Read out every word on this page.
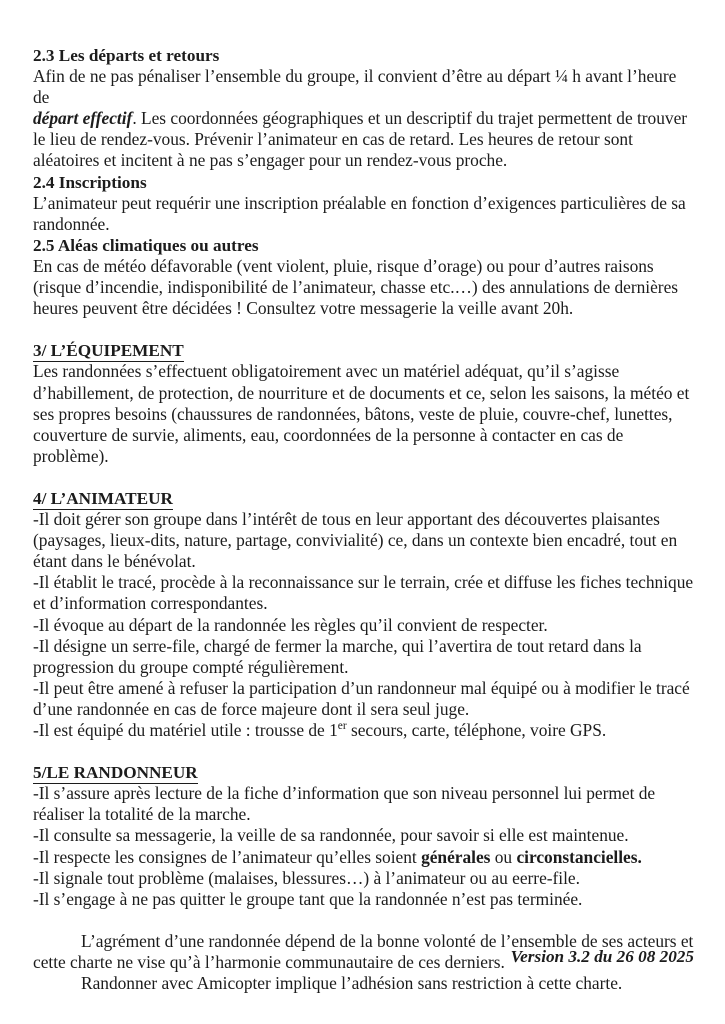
2.3 Les départs et retours
Afin de ne pas pénaliser l’ensemble du groupe, il convient d’être au départ ¼ h avant l’heure de
départ effectif. Les coordonnées géographiques et un descriptif du trajet permettent de trouver
le lieu de rendez-vous. Prévenir l’animateur en cas de retard. Les heures de retour sont
aléatoires et incitent à ne pas s’engager pour un rendez-vous proche.
2.4 Inscriptions
L’animateur peut requérir une inscription préalable en fonction d’exigences particulières de sa
randonnée.
2.5 Aléas climatiques ou autres
En cas de météo défavorable (vent violent, pluie, risque d’orage) ou pour d’autres raisons
(risque d’incendie, indisponibilité de l’animateur, chasse etc.…) des annulations de dernières
heures peuvent être décidées ! Consultez votre messagerie la veille avant 20h.
3/ L’ÉQUIPEMENT
Les randonnées s’effectuent obligatoirement avec un matériel adéquat, qu’il s’agisse
d’habillement, de protection, de nourriture et de documents et ce, selon les saisons, la météo et
ses propres besoins (chaussures de randonnées, bâtons, veste de pluie, couvre-chef, lunettes,
couverture de survie, aliments, eau, coordonnées de la personne à contacter en cas de
problème).
4/ L’ANIMATEUR
-Il doit gérer son groupe dans l’intérêt de tous en leur apportant des découvertes plaisantes
(paysages, lieux-dits, nature, partage, convivialité) ce, dans un contexte bien encadré, tout en
étant dans le bénévolat.
-Il établit le tracé, procède à la reconnaissance sur le terrain, crée et diffuse les fiches technique
et d’information correspondantes.
-Il évoque au départ de la randonnée les règles qu’il convient de respecter.
-Il désigne un serre-file, chargé de fermer la marche, qui l’avertira de tout retard dans la
progression du groupe compté régulièrement.
-Il peut être amené à refuser la participation d’un randonneur mal équipé ou à modifier le tracé
d’une randonnée en cas de force majeure dont il sera seul juge.
-Il est équipé du matériel utile : trousse de 1er secours, carte, téléphone, voire GPS.
5/LE RANDONNEUR
-Il s’assure après lecture de la fiche d’information que son niveau personnel lui permet de
réaliser la totalité de la marche.
-Il consulte sa messagerie, la veille de sa randonnée, pour savoir si elle est maintenue.
-Il respecte les consignes de l’animateur qu’elles soient générales ou circonstancielles.
-Il signale tout problème (malaises, blessures…) à l’animateur ou au eerre-file.
-Il s’engage à ne pas quitter le groupe tant que la randonnée n’est pas terminée.
L’agrément d’une randonnée dépend de la bonne volonté de l’ensemble de ses acteurs et
cette charte ne vise qu’à l’harmonie communautaire de ces derniers.
Randonner avec Amicopter implique l’adhésion sans restriction à cette charte.
Version 3.2 du 26 08 2025
